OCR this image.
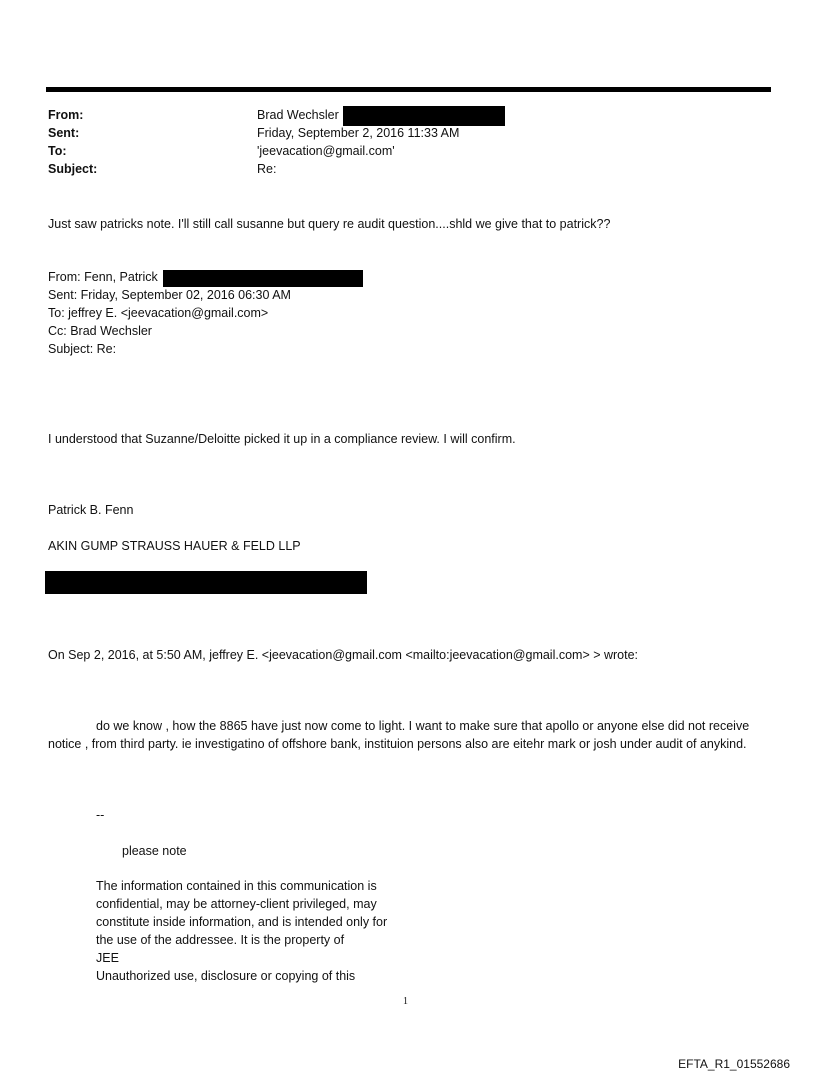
From:	Brad Wechsler
Sent:	Friday, September 2, 2016 11:33 AM
To:	'jeevacation@gmail.com'
Subject:	Re:
Just saw patricks note. I'll still call susanne but query re audit question....shld we give that to patrick??
From: Fenn, Patrick
Sent: Friday, September 02, 2016 06:30 AM
To: jeffrey E. <jeevacation@gmail.com>
Cc: Brad Wechsler
Subject: Re:
I understood that Suzanne/Deloitte picked it up in a compliance review. I will confirm.
Patrick B. Fenn
AKIN GUMP STRAUSS HAUER & FELD LLP
On Sep 2, 2016, at 5:50 AM, jeffrey E. <jeevacation@gmail.com <mailto:jeevacation@gmail.com> > wrote:
do we know , how the 8865 have just now come to light. I want to make sure that apollo or anyone else did not receive notice , from third party. ie investigatino of offshore bank, instituion persons also are eitehr mark or josh under audit of anykind.
--
please note
The information contained in this communication is
confidential, may be attorney-client privileged, may
constitute inside information, and is intended only for
the use of the addressee. It is the property of
JEE
Unauthorized use, disclosure or copying of this
1
EFTA_R1_01552686
